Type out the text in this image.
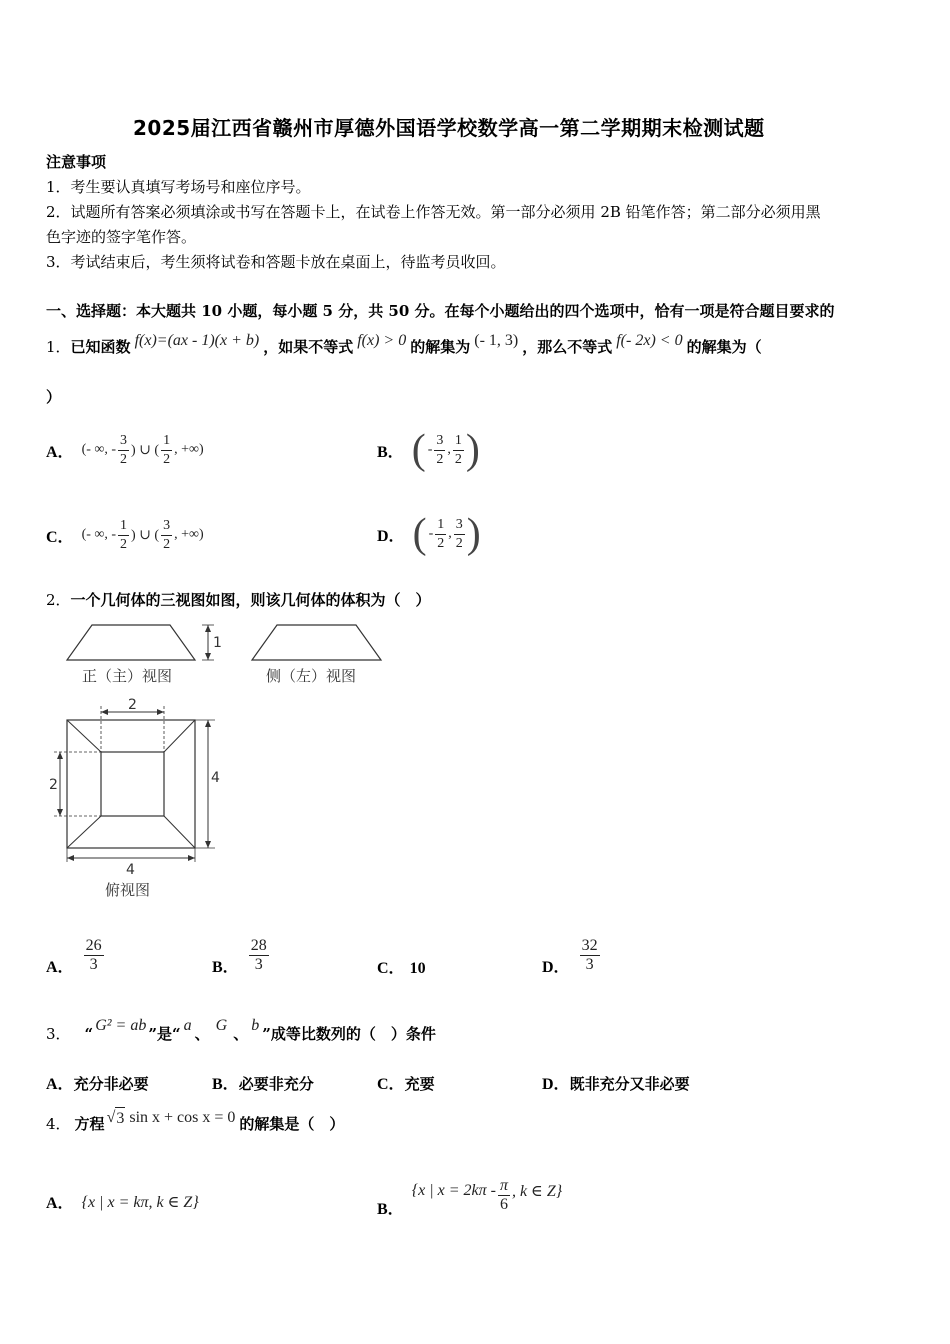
2025届江西省赣州市厚德外国语学校数学高一第二学期期末检测试题
注意事项
1．考生要认真填写考场号和座位序号。
2．试题所有答案必须填涂或书写在答题卡上，在试卷上作答无效。第一部分必须用 2B 铅笔作答；第二部分必须用黑
色字迹的签字笔作答。
3．考试结束后，考生须将试卷和答题卡放在桌面上，待监考员收回。
一、选择题：本大题共 10 小题，每小题 5 分，共 50 分。在每个小题给出的四个选项中，恰有一项是符合题目要求的
1． 已知函数 f(x)=(ax - 1)(x + b) ，如果不等式 f(x) > 0 的解集为 (- 1, 3) ，那么不等式 f(- 2x) < 0 的解集为（
）
A． (- ∞, - $\frac{3}{2}$ ) ∪ ( $\frac{1}{2}$ , +∞)	B． ( - $\frac{3}{2}$ , $\frac{1}{2}$ )
C． (- ∞, - $\frac{1}{2}$ ) ∪ ( $\frac{3}{2}$ , +∞)	D． ( - $\frac{1}{2}$ , $\frac{3}{2}$ )
2．一个几何体的三视图如图，则该几何体的体积为（　）
1
正（主）视图	侧（左）视图
2
2	4
4
俯视图
A． $\frac{26}{3}$	B． $\frac{28}{3}$	C． 10	D． $\frac{32}{3}$
3． “ G² = ab ” 是 “ a 、 G 、 b ” 成等比数列的（　）条件
A．充分非必要	B．必要非充分	C．充要	D．既非充分又非必要
4． 方程 √ 3 sin x + cos x = 0 的解集是（　）
A． {x | x = kπ, k ∈ Z}	B．
{x | $x = 2k\pi - \frac{\pi}{6}$ , k ∈ Z}
